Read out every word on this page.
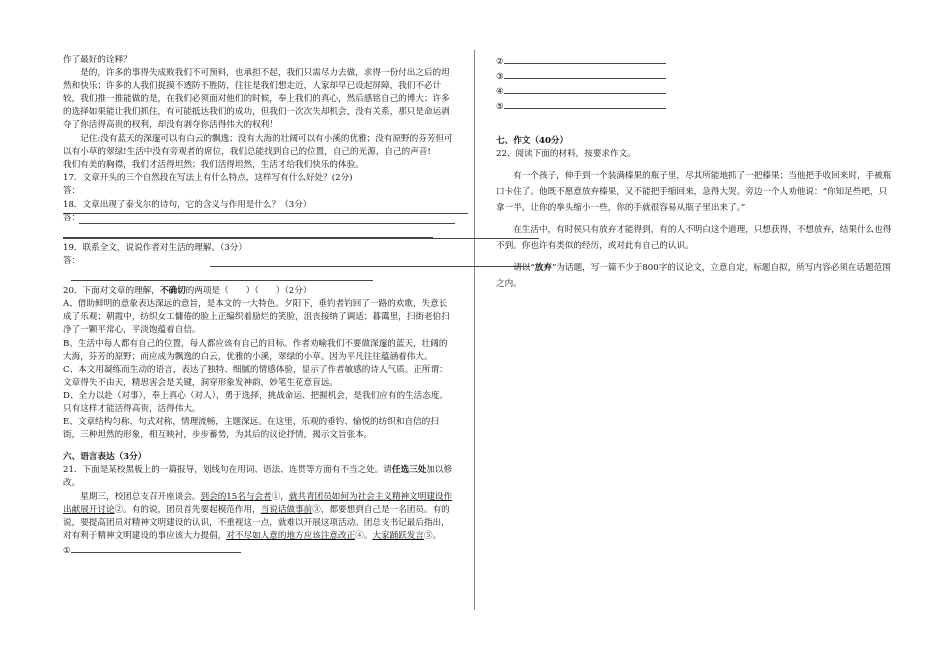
作了最好的诠释？

是的，许多的事得失成败我们不可预料，也承担不起，我们只需尽力去做，求得一份付出之后的坦然和快乐；许多的人我们捉摸不透防不胜防，往往是我们想走近，人家却早已设起屏障，我们不必计较，我们推一推能做的是，在我们必须面对他们的时候，奉上我们的真心，然后感铭自己的博大；许多的选择如果能让我们抓住，有可能抵达我们的成功，但我们一次次失却机会，没有关系，那只是命运剥夺了你活得高贵的权利，却没有剥夺你活得伟大的权利！

记住:没有蓝天的深邃可以有白云的飘逸；没有大海的壮阔可以有小溪的优雅；没有原野的芬芳但可以有小草的翠绿!生活中没有旁观者的席位，我们总能找到自己的位置，自己的光源，自己的声音!

我们有美的胸襟，我们才活得坦然；我们活得坦然，生活才给我们快乐的体验。

17．文章开头的三个自然段在写法上有什么特点，这样写有什么好处？(2分)

答：

18．文章出现了泰戈尔的诗句，它的含义与作用是什么？（3分）

答：

19．联系全文，说说作者对生活的理解。（3分）

答：

20．下面对文章的理解，不确切的两项是（　　）（　　）（2分）

A、借助鲜明的意象表达深远的意旨，是本文的一大特色。夕阳下，垂钓者钓回了一路的欢歌，失意长成了乐观；朝霞中，纺织女工慵倦的脸上正编织着励烂的笑脸，沮丧接纳了调适；暮霭里，扫街老伯扫净了一颗平常心，平淡饱蕴着自信。

B、生活中每人都有自己的位置，每人都应该有自己的目标。作者劝喻我们不要做深邃的蓝天，壮阔的大海，芬芳的原野；而应成为飘逸的白云，优雅的小溪，翠绿的小草。因为平凡往往蕴涵着伟大。

C、本文用凝练而生动的语言，表达了独特、细腻的情感体验，显示了作者敏感的诗人气质。正所谓：文章得失不由天，精思害会是关键，洞穿形象发神韵，妙笔生花意盲远。

D、全力以赴（对事），奉上真心（对人），勇于选择，挑战命运、把握机会，是我们应有的生活态度。只有这样才能活得高贵，活得伟大。

E、文章结构匀称、句式对称，情理流畅，主题深远。在这里，乐观的垂钓、愉悦的纺织和自信的扫街，三种坦然的形象，相互映衬，步步蓄势，为其后的议论抒情，揭示文旨张本。

六、语言表达（3分）

21．下面是某校黑板上的一篇报导，划线句在用词、语法、连贯等方面有不当之处。请任选三处加以修改。

星期三，校团总支召开座谈会。到会的15名与会者①，就共青团员如何为社会主义精神文明建设作出献展开讨论②。有的说，团员首先要起模范作用，当说话做事前③，都要想到自己是一名团员。有的说，要提高团员对精神文明建设的认识，不重视这一点，就难以开展这项活动。团总支书记最后指出，对有利于精神文明建设的事应该大力提倡，对不尽如人意的地方应该注意改正④。大家踊跃发言⑤。

①

②

③

④

⑤

七、作文（40分）

22、阅读下面的材料，按要求作文。

有一个孩子，伸手到一个装满榛果的瓶子里，尽其所能地抓了一把榛果；当他把手收回来时，手被瓶口卡住了。他既不愿意放弃榛果，又不能把手缩回来，急得大哭。旁边一个人劝他说：“你知足些吧，只拿一半，让你的拳头缩小一些，你的手就很容易从瓶子里出来了。”

在生活中，有时侯只有放弃才能得到，有的人不明白这个道理，只想获得，不想放弃，结果什么也得不到。你也许有类似的经历，或对此有自己的认识。

请以“放弃”为话题，写一篇不少于800字的议论文，立意自定，标题自拟，所写内容必须在话题范围之内。
